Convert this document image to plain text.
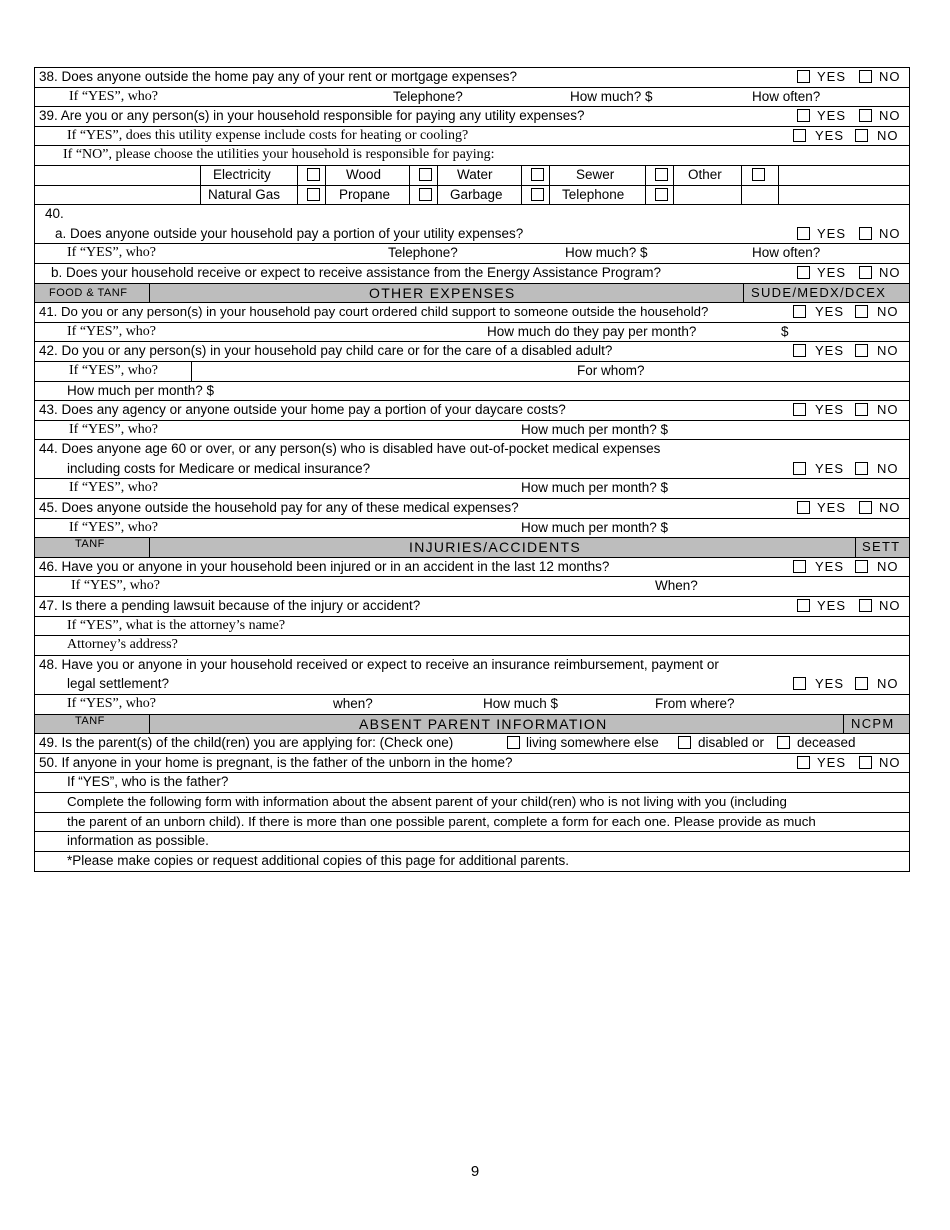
38. Does anyone outside the home pay any of your rent or mortgage expenses?	YES	NO
If “YES”, who?	Telephone?	How much? $	How often?
39. Are you or any person(s) in your household responsible for paying any utility expenses?	YES	NO
If “YES”, does this utility expense include costs for heating or cooling?	YES	NO
If “NO”, please choose the utilities your household is responsible for paying:
Electricity	Wood	Water	Sewer	Other
Natural Gas	Propane	Garbage	Telephone
40.
a. Does anyone outside your household pay a portion of your utility expenses?	YES	NO
If “YES”, who?	Telephone?	How much? $	How often?
b. Does your household receive or expect to receive assistance from the Energy Assistance Program?	YES	NO
FOOD & TANF	OTHER EXPENSES	SUDE/MEDX/DCEX
41. Do you or any person(s) in your household pay court ordered child support to someone outside the household?	YES	NO
If “YES”, who?	How much do they pay per month?	$
42. Do you or any person(s) in your household pay child care or for the care of a disabled adult?	YES	NO
If “YES”, who?	For whom?
How much per month? $
43. Does any agency or anyone outside your home pay a portion of your daycare costs?	YES	NO
If “YES”, who?	How much per month? $
44. Does anyone age 60 or over, or any person(s) who is disabled have out-of-pocket medical expenses
including costs for Medicare or medical insurance?	YES	NO
If “YES”, who?	How much per month? $
45. Does anyone outside the household pay for any of these medical expenses?	YES	NO
If “YES”, who?	How much per month? $
TANF	INJURIES/ACCIDENTS	SETT
46. Have you or anyone in your household been injured or in an accident in the last 12 months?	YES	NO
If “YES”, who?	When?
47. Is there a pending lawsuit because of the injury or accident?	YES	NO
If “YES”, what is the attorney’s name?
Attorney’s address?
48. Have you or anyone in your household received or expect to receive an insurance reimbursement, payment or
legal settlement?	YES	NO
If “YES”, who?	when?	How much $	From where?
TANF	ABSENT PARENT INFORMATION	NCPM
49. Is the parent(s) of the child(ren) you are applying for: (Check one)	living somewhere else	disabled or deceased
50. If anyone in your home is pregnant, is the father of the unborn in the home?	YES	NO
If “YES”, who is the father?
Complete the following form with information about the absent parent of your child(ren) who is not living with you (including
the parent of an unborn child). If there is more than one possible parent, complete a form for each one. Please provide as much
information as possible.
*Please make copies or request additional copies of this page for additional parents.
9
